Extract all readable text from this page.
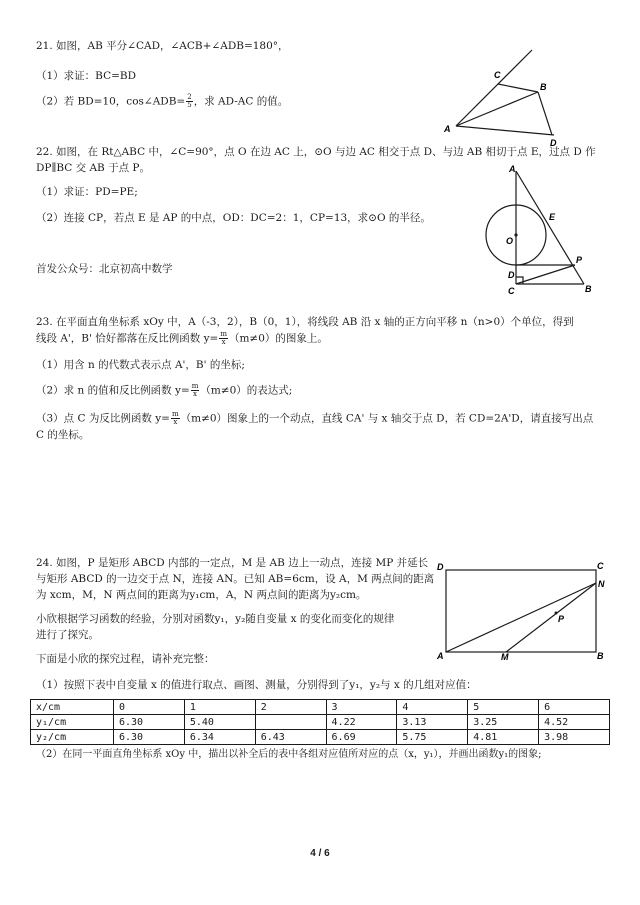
21. 如图，AB 平分∠CAD，∠ACB+∠ADB=180°，
（1）求证：BC=BD
（2）若 BD=10，cos∠ADB= $\frac{2}{5}$ ，求 AD-AC 的值。
C
B
A
D
22. 如图，在 Rt△ABC 中，∠C=90°，点 O 在边 AC 上，⊙O 与边 AC 相交于点 D、与边 AB 相切于点 E，过点 D 作
DP∥BC 交 AB 于点 P。
（1）求证：PD=PE;
（2）连接 CP，若点 E 是 AP 的中点，OD：DC=2：1，CP=13，求⊙O 的半径。
首发公众号：北京初高中数学
A
E
O
P
D
C	B
23. 在平面直角坐标系 xOy 中，A（-3，2），B（0，1），将线段 AB 沿 x 轴的正方向平移 n（n>0）个单位，得到
线段 A'，B' 恰好都落在反比例函数 $y= \frac{m}{x} (m\ne 0)$的图象上。
（1）用含 n 的代数式表示点 A'，B' 的坐标;
（2）求 n 的值和反比例函数 $y= \frac{m}{x} (m\ne 0)$的表达式;
（3）点 C 为反比例函数 $y= \frac{m}{x} (m\ne 0)$图象上的一个动点，直线 CA' 与 x 轴交于点 D，若 CD=2A'D，请直接写出点
C 的坐标。
24. 如图，P 是矩形 ABCD 内部的一定点，M 是 AB 边上一动点，连接 MP 并延长
与矩形 ABCD 的一边交于点 N，连接 AN。已知 AB=6cm，设 A，M 两点间的距离
为 xcm，M，N 两点间的距离为y₁cm，A，N 两点间的距离为y₂cm。
小欣根据学习函数的经验，分别对函数y₁，y₂随自变量 x 的变化而变化的规律
进行了探究。
下面是小欣的探究过程，请补充完整：
（1）按照下表中自变量 x 的值进行取点、画图、测量，分别得到了y₁，y₂与 x 的几组对应值：
D	C
N
P
A	M	B
x/cm	0	1	2	3	4	5	6
y₁/cm	6.30	5.40		4.22	3.13	3.25	4.52
y₂/cm	6.30	6.34	6.43	6.69	5.75	4.81	3.98
（2）在同一平面直角坐标系 xOy 中，描出以补全后的表中各组对应值所对应的点（x，y₁），并画出函数y₁的图象;
4 / 6
